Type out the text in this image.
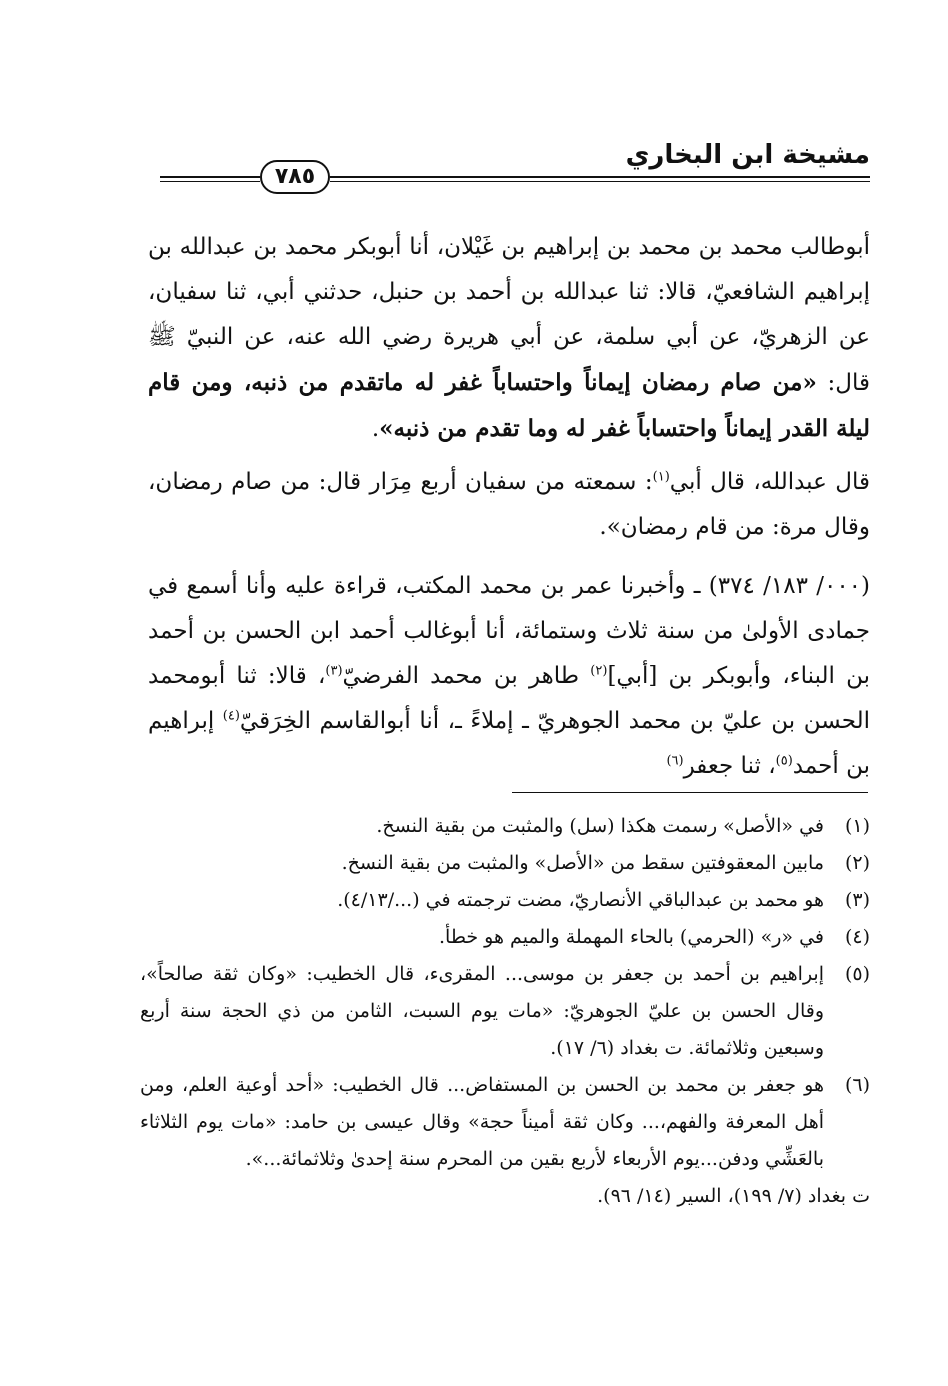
مشيخة ابن البخاري
٧٨٥

أبوطالب محمد بن محمد بن إبراهيم بن غَيْلان، أنا أبوبكر محمد بن عبدالله بن إبراهيم الشافعيّ، قالا: ثنا عبدالله بن أحمد بن حنبل، حدثني أبي، ثنا سفيان، عن الزهريّ، عن أبي سلمة، عن أبي هريرة رضي الله عنه، عن النبيّ ﷺ قال: «من صام رمضان إيماناً واحتساباً غفر له ماتقدم من ذنبه، ومن قام ليلة القدر إيماناً واحتساباً غفر له وما تقدم من ذنبه».

قال عبدالله، قال أبي$^{(١)}$: سمعته من سفيان أربع مِرَار قال: من صام رمضان، وقال مرة: من قام رمضان».

(٠٠٠/ ١٨٣/ ٣٧٤) ـ وأخبرنا عمر بن محمد المكتب، قراءة عليه وأنا أسمع في جمادى الأولىٰ من سنة ثلاث وستمائة، أنا أبوغالب أحمد ابن الحسن بن أحمد بن البناء، وأبوبكر بن [أبي]$^{(٢)}$ طاهر بن محمد الفرضيّ$^{(٣)}$، قالا: ثنا أبومحمد الحسن بن عليّ بن محمد الجوهريّ ـ إملاءً ـ، أنا أبوالقاسم الخِرَقيّ$^{(٤)}$ إبراهيم بن أحمد$^{(٥)}$، ثنا جعفر$^{(٦)}$

(١)
في «الأصل» رسمت هكذا (سل) والمثبت من بقية النسخ.
(٢)
مابين المعقوفتين سقط من «الأصل» والمثبت من بقية النسخ.
(٣)
هو محمد بن عبدالباقي الأنصاريّ، مضت ترجمته في (.../٤/١٣).
(٤)
في «ر» (الحرمي) بالحاء المهملة والميم هو خطأ.
(٥)
إبراهيم بن أحمد بن جعفر بن موسى... المقرىء، قال الخطيب: «وكان ثقة صالحاً»، وقال الحسن بن عليّ الجوهريّ: «مات يوم السبت، الثامن من ذي الحجة سنة أربع وسبعين وثلاثمائة. ت بغداد (٦/ ١٧).
(٦)
هو جعفر بن محمد بن الحسن بن المستفاض... قال الخطيب: «أحد أوعية العلم، ومن أهل المعرفة والفهم،... وكان ثقة أميناً حجة» وقال عيسى بن حامد: «مات يوم الثلاثاء بالعَشِّي ودفن...يوم الأربعاء لأربع بقين من المحرم سنة إحدىٰ وثلاثمائة...».
ت بغداد (٧/ ١٩٩)، السير (١٤/ ٩٦).
